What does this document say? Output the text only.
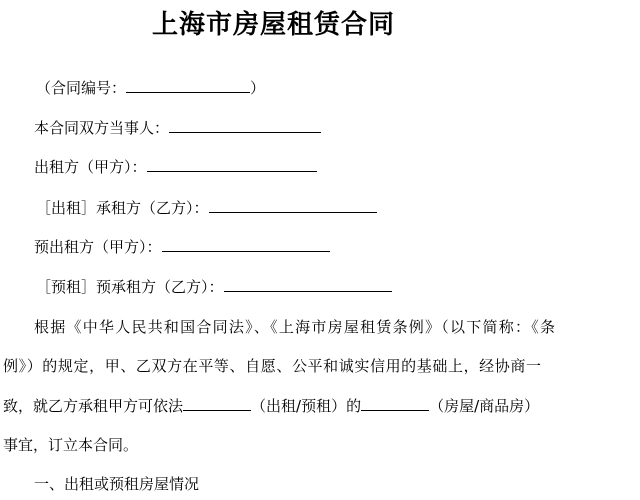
上海市房屋租赁合同
（合同编号：	）
本合同双方当事人：
出租方（甲方）：
［出租］承租方（乙方）：
预出租方（甲方）：
［预租］预承租方（乙方）：
根据《中华人民共和国合同法》、《上海市房屋租赁条例》（以下简称：《条
例》）的规定，甲、乙双方在平等、自愿、公平和诚实信用的基础上，经协商一
致，就乙方承租甲方可依法	（出租/预租）的	（房屋/商品房）
事宜，订立本合同。
一、出租或预租房屋情况
